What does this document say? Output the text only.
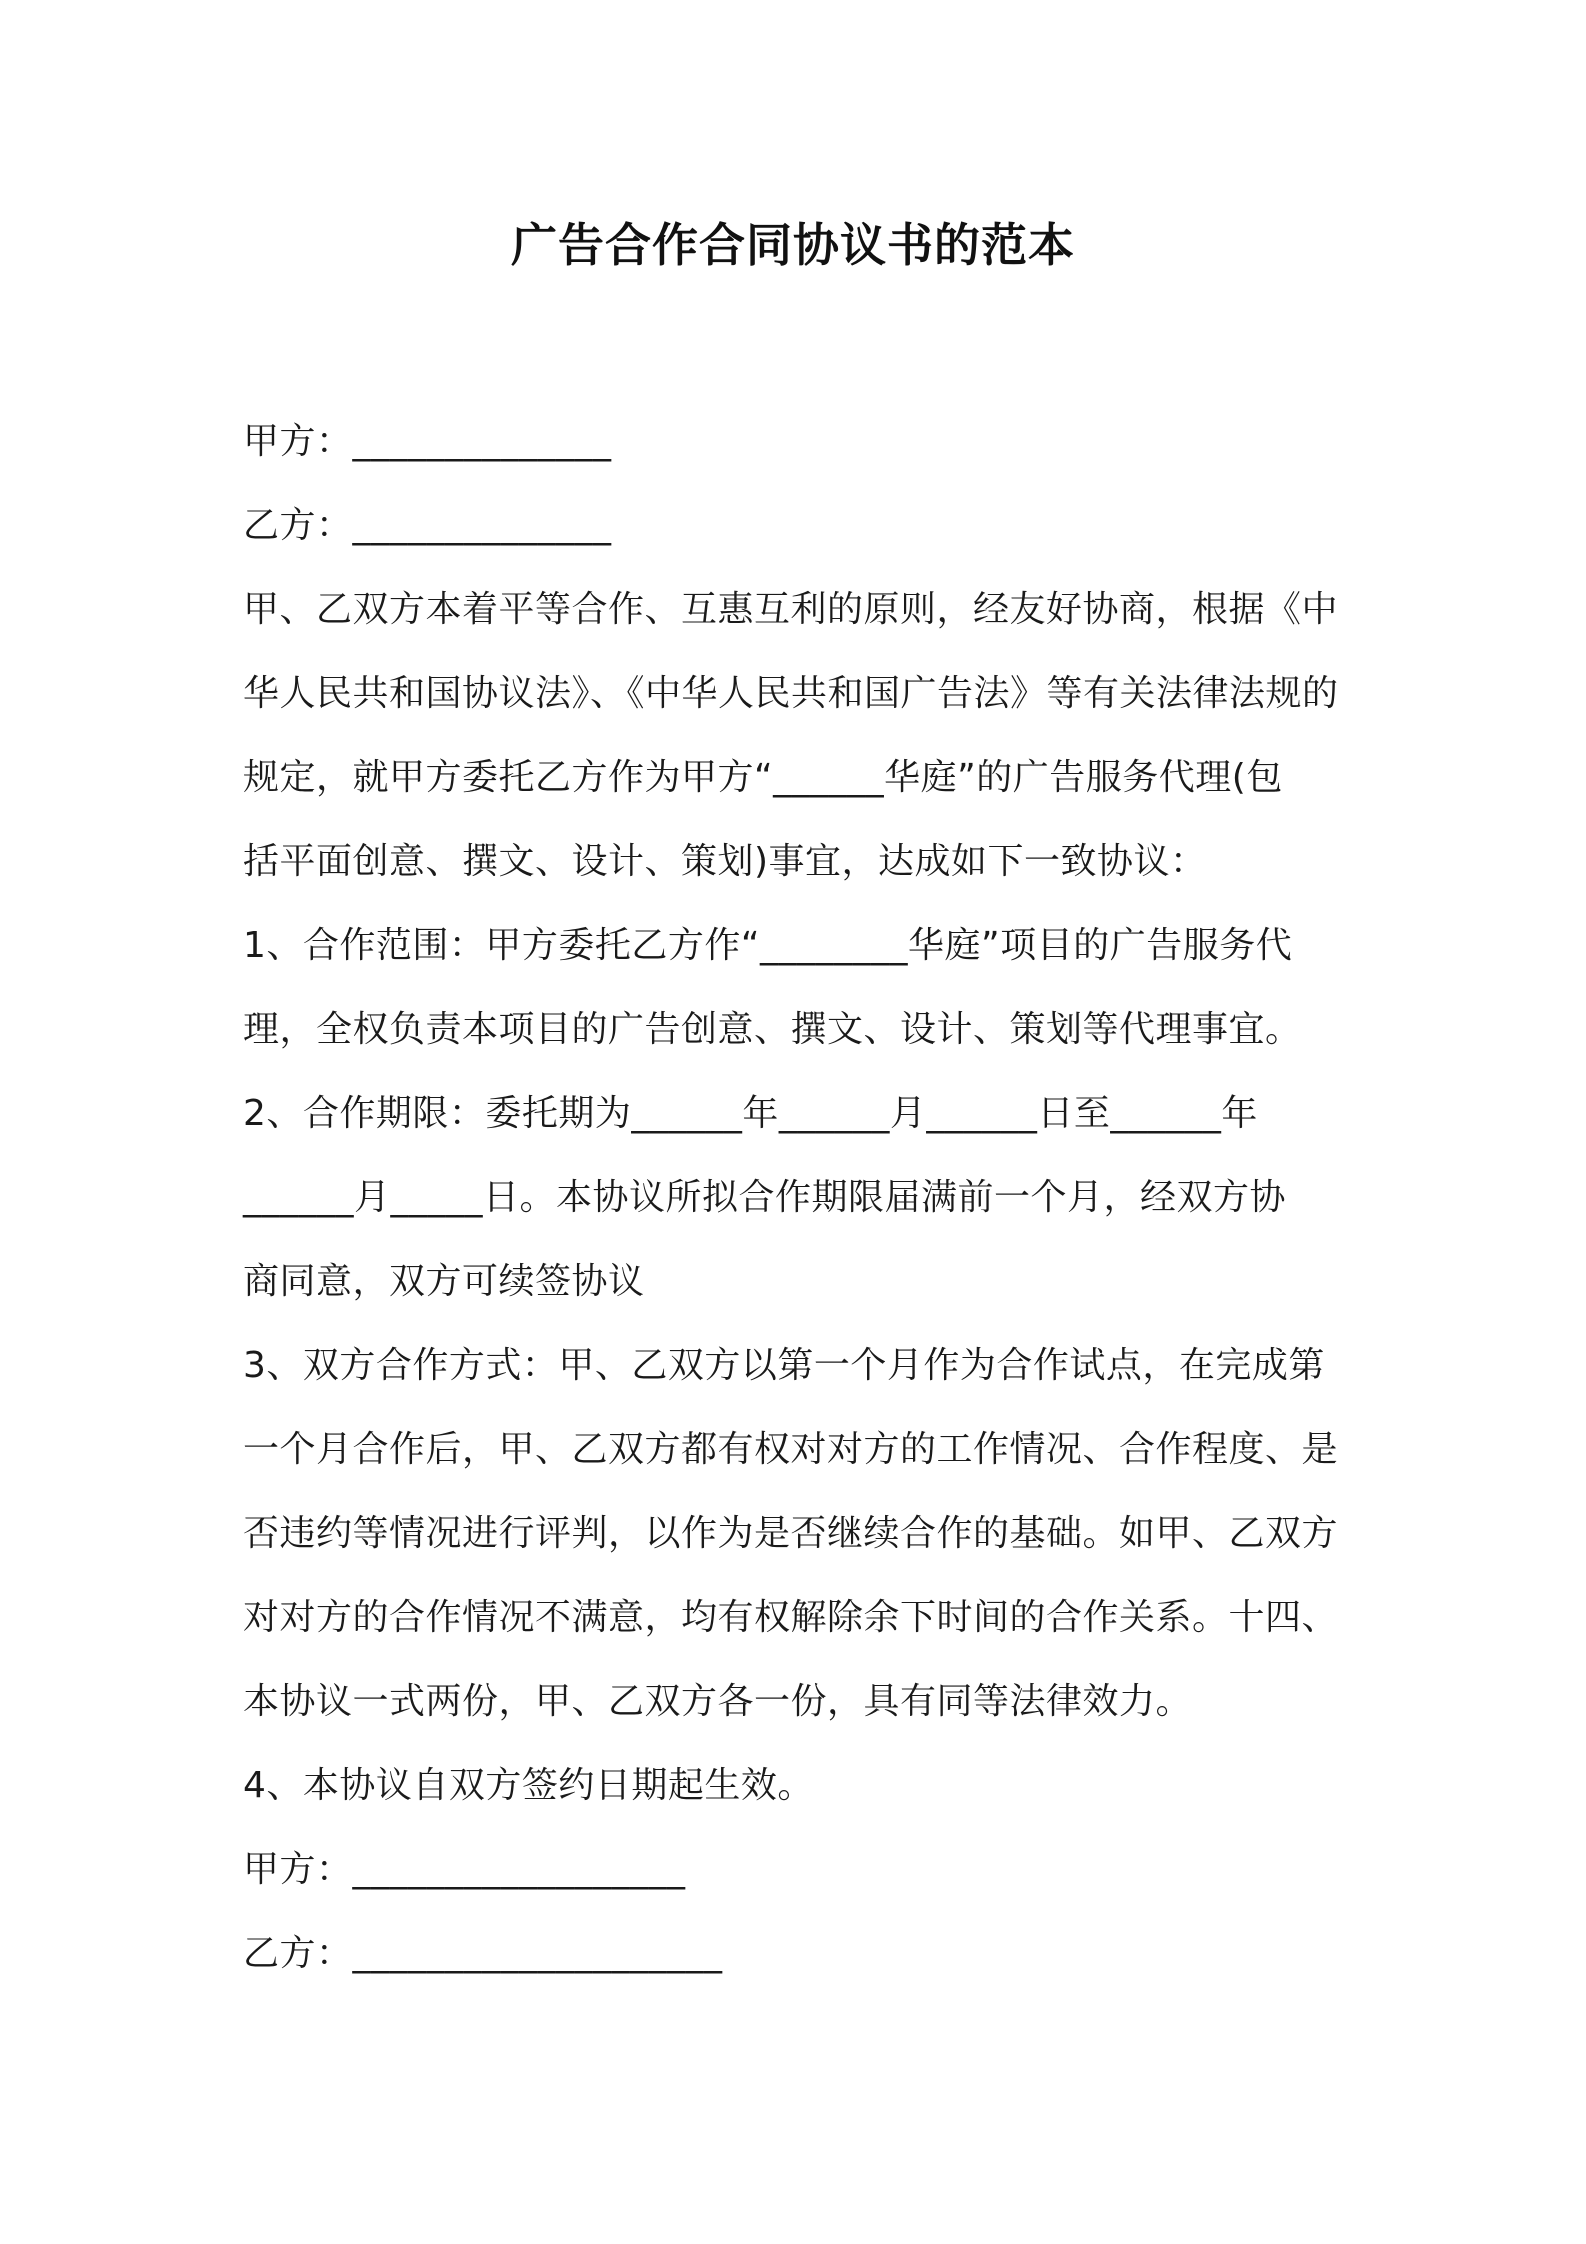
广告合作合同协议书的范本
甲方：______________
乙方：______________
甲、乙双方本着平等合作、互惠互利的原则，经友好协商，根据《中
华人民共和国协议法》、《中华人民共和国广告法》等有关法律法规的
规定，就甲方委托乙方作为甲方“______华庭”的广告服务代理(包
括平面创意、撰文、设计、策划)事宜，达成如下一致协议：
1、合作范围：甲方委托乙方作“________华庭”项目的广告服务代
理，全权负责本项目的广告创意、撰文、设计、策划等代理事宜。
2、合作期限：委托期为______年______月______日至______年
______月_____日。本协议所拟合作期限届满前一个月，经双方协
商同意，双方可续签协议
3、双方合作方式：甲、乙双方以第一个月作为合作试点，在完成第
一个月合作后，甲、乙双方都有权对对方的工作情况、合作程度、是
否违约等情况进行评判，以作为是否继续合作的基础。如甲、乙双方
对对方的合作情况不满意，均有权解除余下时间的合作关系。十四、
本协议一式两份，甲、乙双方各一份，具有同等法律效力。
4、本协议自双方签约日期起生效。
甲方：__________________
乙方：____________________
